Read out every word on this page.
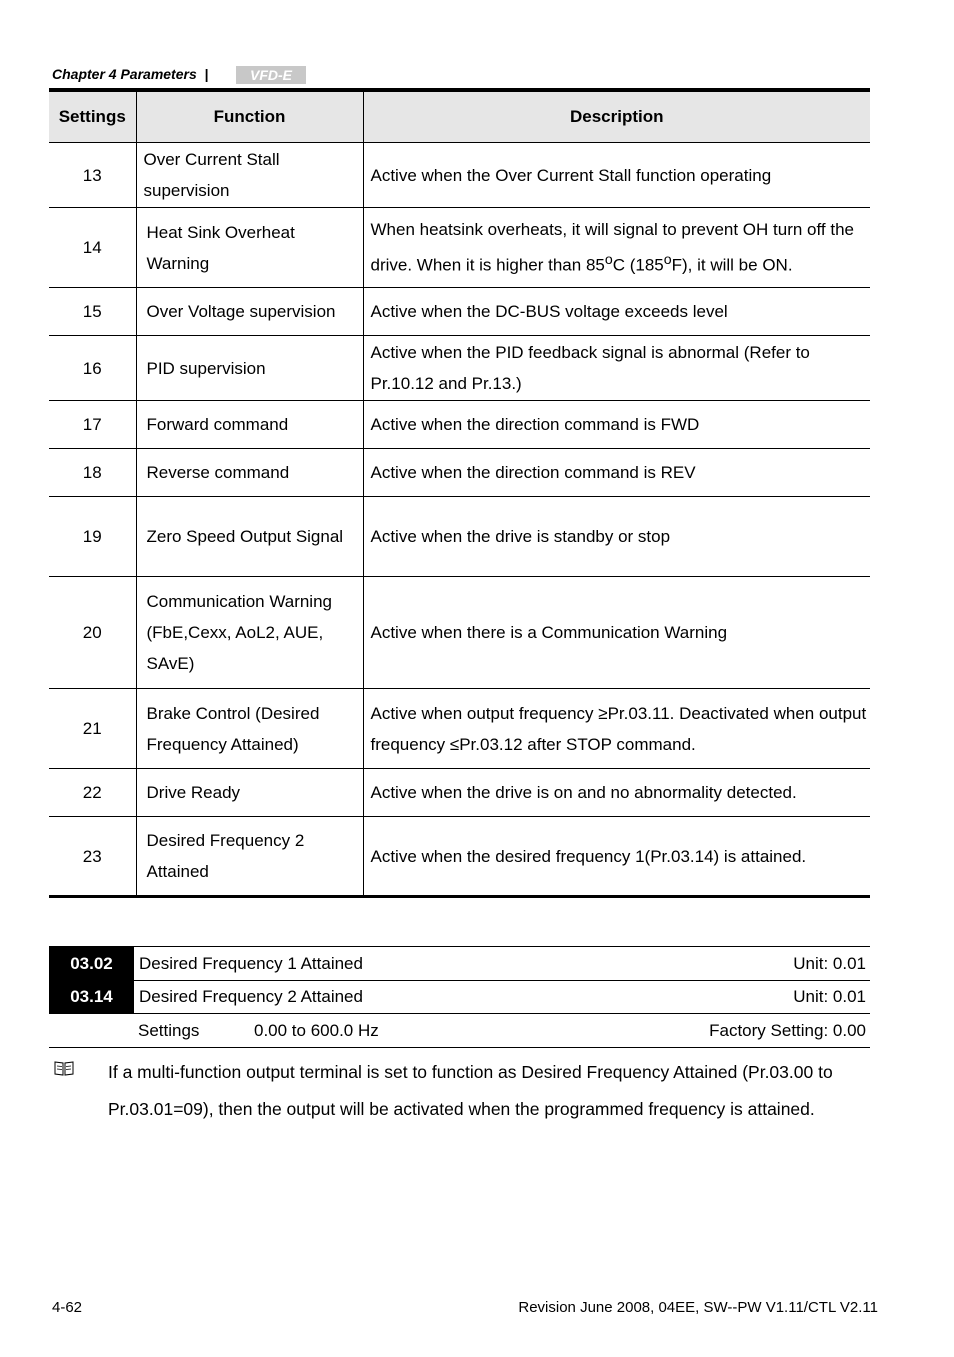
Chapter 4 Parameters |	VFD-E
Settings	Function	Description
13	Over Current Stall supervision	Active when the Over Current Stall function operating
14	Heat Sink Overheat Warning	When heatsink overheats, it will signal to prevent OH turn off the drive. When it is higher than 85$^o$C (185$^o$F), it will be ON.
15	Over Voltage supervision	Active when the DC-BUS voltage exceeds level
16	PID supervision	Active when the PID feedback signal is abnormal (Refer to Pr.10.12 and Pr.13.)
17	Forward command	Active when the direction command is FWD
18	Reverse command	Active when the direction command is REV
19	Zero Speed Output Signal	Active when the drive is standby or stop
20	Communication Warning (FbE,Cexx, AoL2, AUE, SAvE)	Active when there is a Communication Warning
21	Brake Control (Desired Frequency Attained)	Active when output frequency ≥Pr.03.11. Deactivated when output frequency ≤Pr.03.12 after STOP command.
22	Drive Ready	Active when the drive is on and no abnormality detected.
23	Desired Frequency 2 Attained	Active when the desired frequency 1(Pr.03.14) is attained.
03.02	Desired Frequency 1 Attained	Unit: 0.01
03.14	Desired Frequency 2 Attained	Unit: 0.01
Settings	0.00 to 600.0 Hz	Factory Setting: 0.00
If a multi-function output terminal is set to function as Desired Frequency Attained (Pr.03.00 to Pr.03.01=09), then the output will be activated when the programmed frequency is attained.
4-62	Revision June 2008, 04EE, SW--PW V1.11/CTL V2.11
